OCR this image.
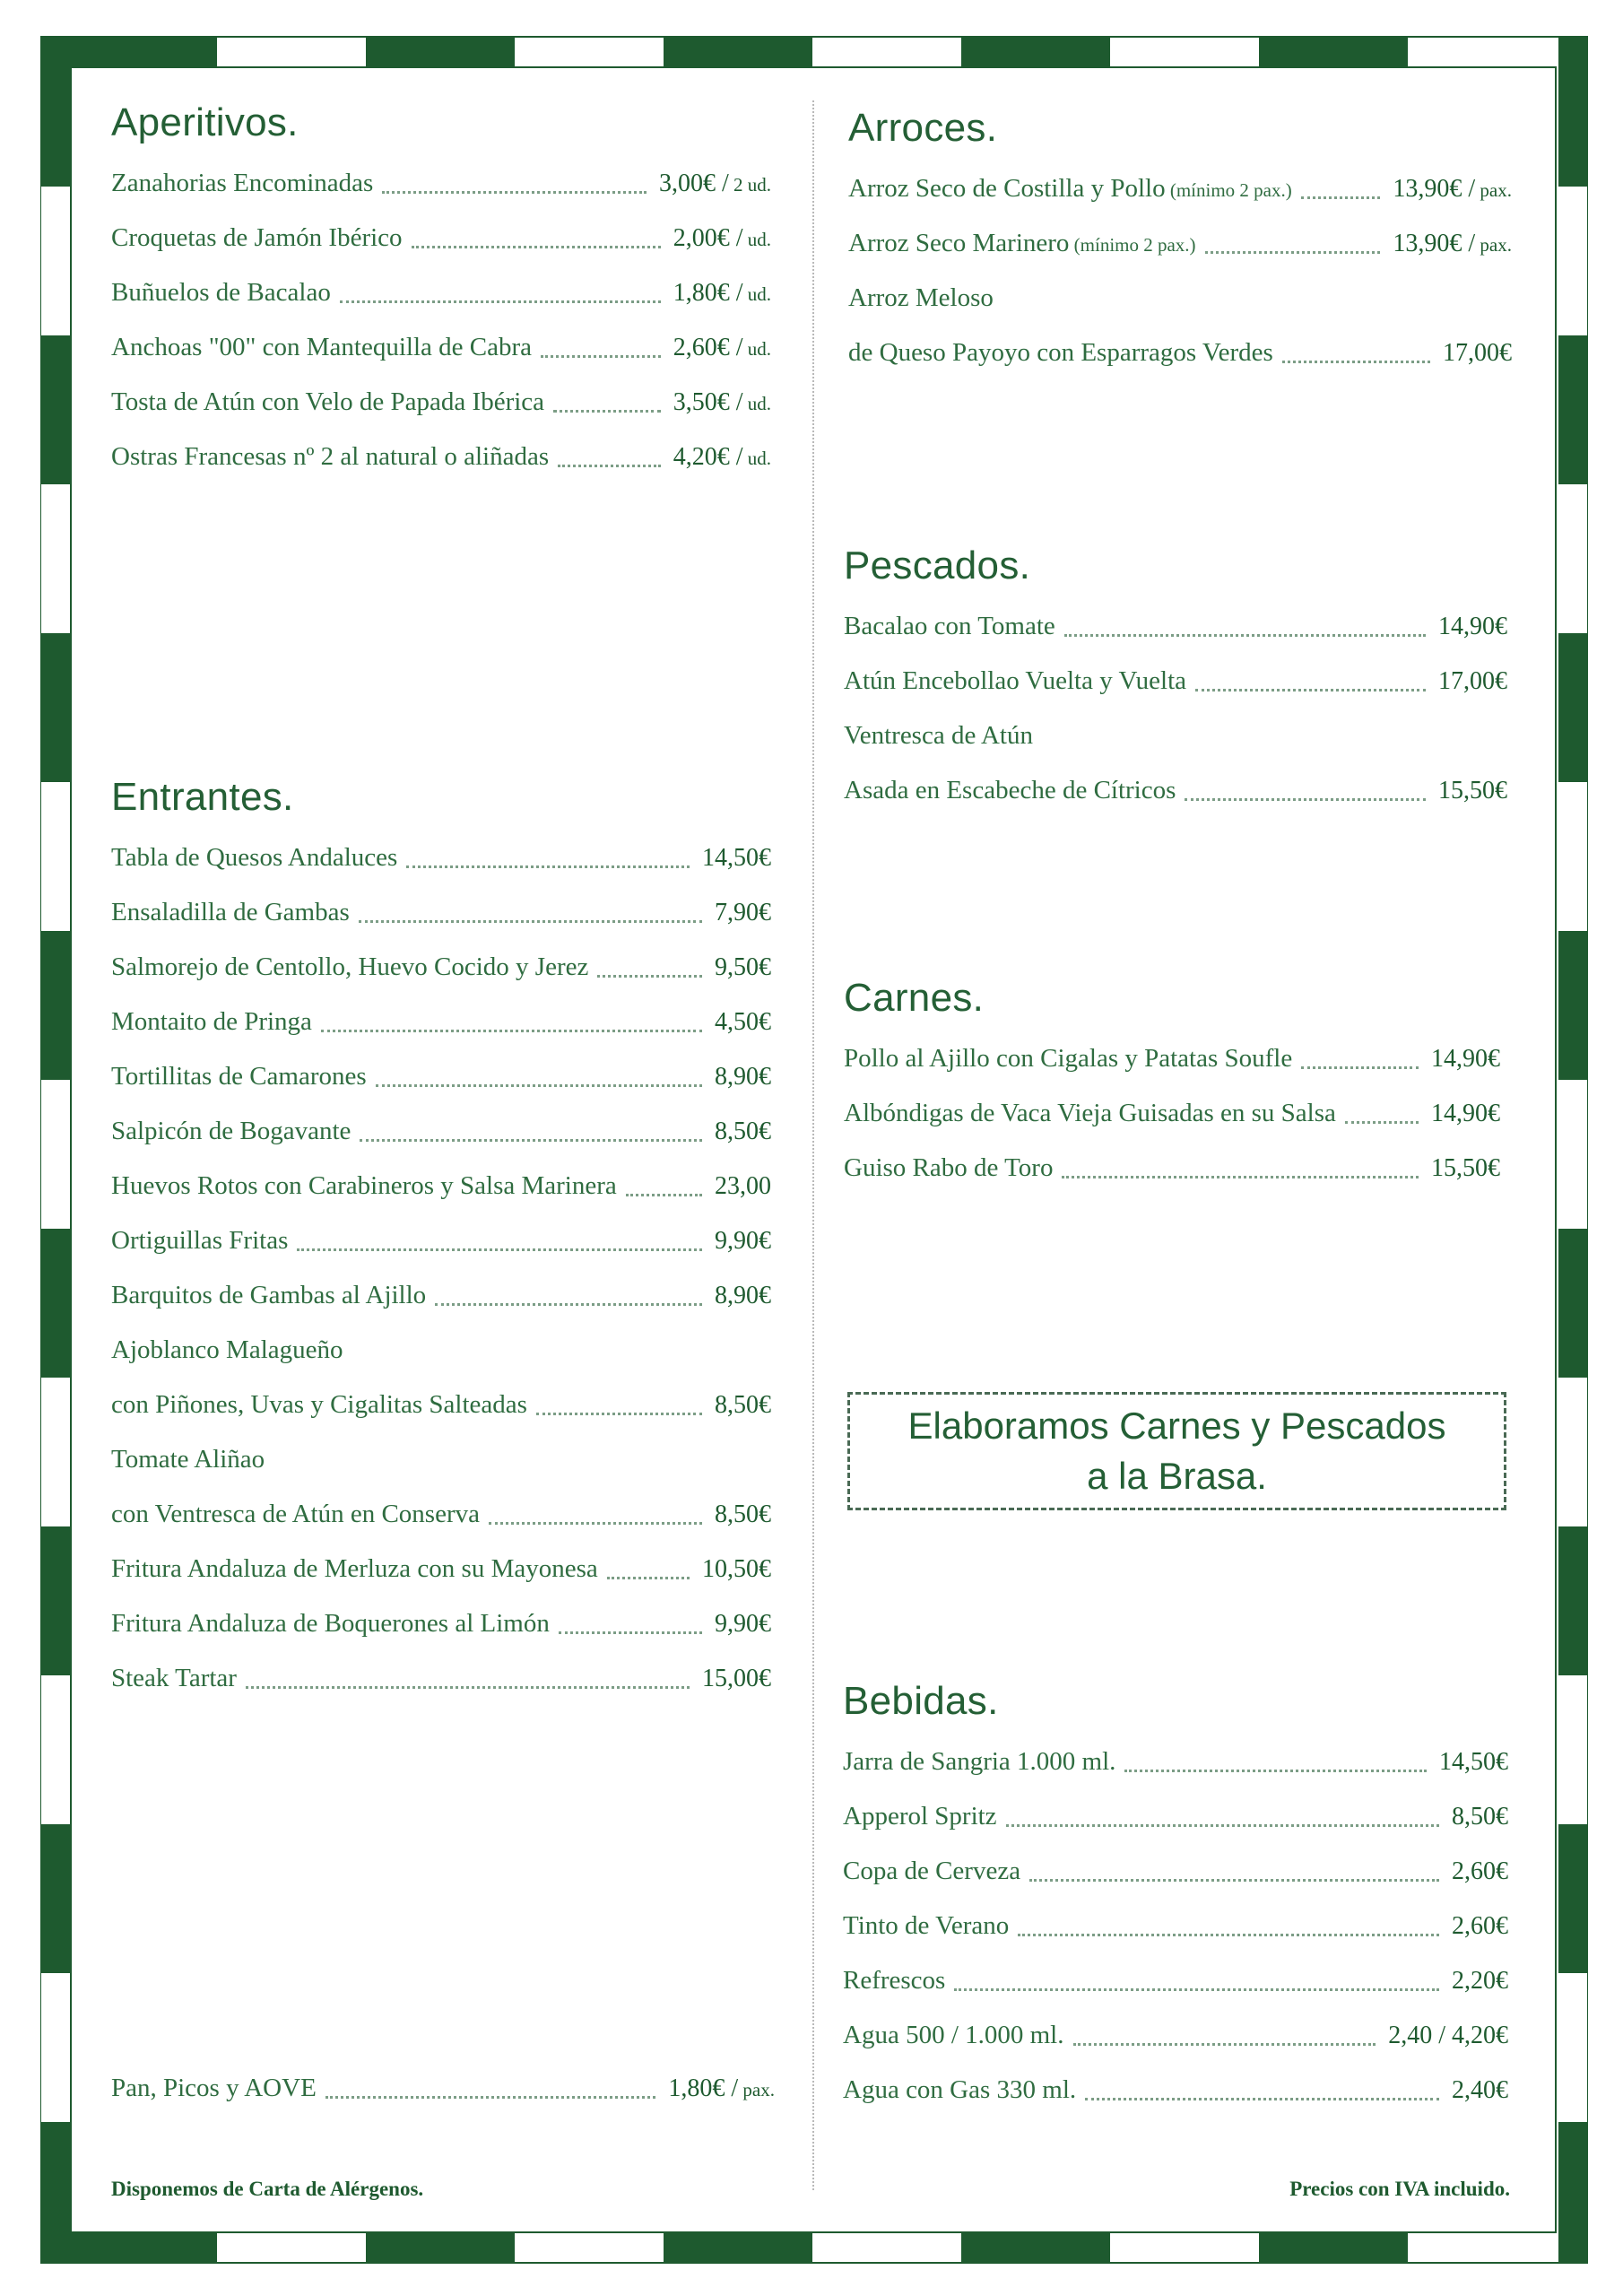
Aperitivos.
Zanahorias Encominadas	3,00€ / 2 ud.
Croquetas de Jamón Ibérico	2,00€ / ud.
Buñuelos de Bacalao	1,80€ / ud.
Anchoas "00" con Mantequilla de Cabra	2,60€ / ud.
Tosta de Atún con Velo de Papada Ibérica	3,50€ / ud.
Ostras Francesas nº 2 al natural o aliñadas	4,20€ / ud.
Entrantes.
Tabla de Quesos Andaluces	14,50€
Ensaladilla de Gambas	7,90€
Salmorejo de Centollo, Huevo Cocido y Jerez	9,50€
Montaito de Pringa	4,50€
Tortillitas de Camarones	8,90€
Salpicón de Bogavante	8,50€
Huevos Rotos con Carabineros y Salsa Marinera	23,00
Ortiguillas Fritas	9,90€
Barquitos de Gambas al Ajillo	8,90€
Ajoblanco Malagueño
con Piñones, Uvas y Cigalitas Salteadas	8,50€
Tomate Aliñao
con Ventresca de Atún en Conserva	8,50€
Fritura Andaluza de Merluza con su Mayonesa	10,50€
Fritura Andaluza de Boquerones al Limón	9,90€
Steak Tartar	15,00€
Pan, Picos y AOVE	1,80€ / pax.
Arroces.
Arroz Seco de Costilla y Pollo (mínimo 2 pax.)	13,90€ / pax.
Arroz Seco Marinero (mínimo 2 pax.)	13,90€ / pax.
Arroz Meloso
de Queso Payoyo con Esparragos Verdes	17,00€
Pescados.
Bacalao con Tomate	14,90€
Atún Encebollao Vuelta y Vuelta	17,00€
Ventresca de Atún
Asada en Escabeche de Cítricos	15,50€
Carnes.
Pollo al Ajillo con Cigalas y Patatas Soufle	14,90€
Albóndigas de Vaca Vieja Guisadas en su Salsa	14,90€
Guiso Rabo de Toro	15,50€
Elaboramos Carnes y Pescados
a la Brasa.
Bebidas.
Jarra de Sangria 1.000 ml.	14,50€
Apperol Spritz	8,50€
Copa de Cerveza	2,60€
Tinto de Verano	2,60€
Refrescos	2,20€
Agua 500 / 1.000 ml.	2,40 / 4,20€
Agua con Gas 330 ml.	2,40€
Disponemos de Carta de Alérgenos.	Precios con IVA incluido.
